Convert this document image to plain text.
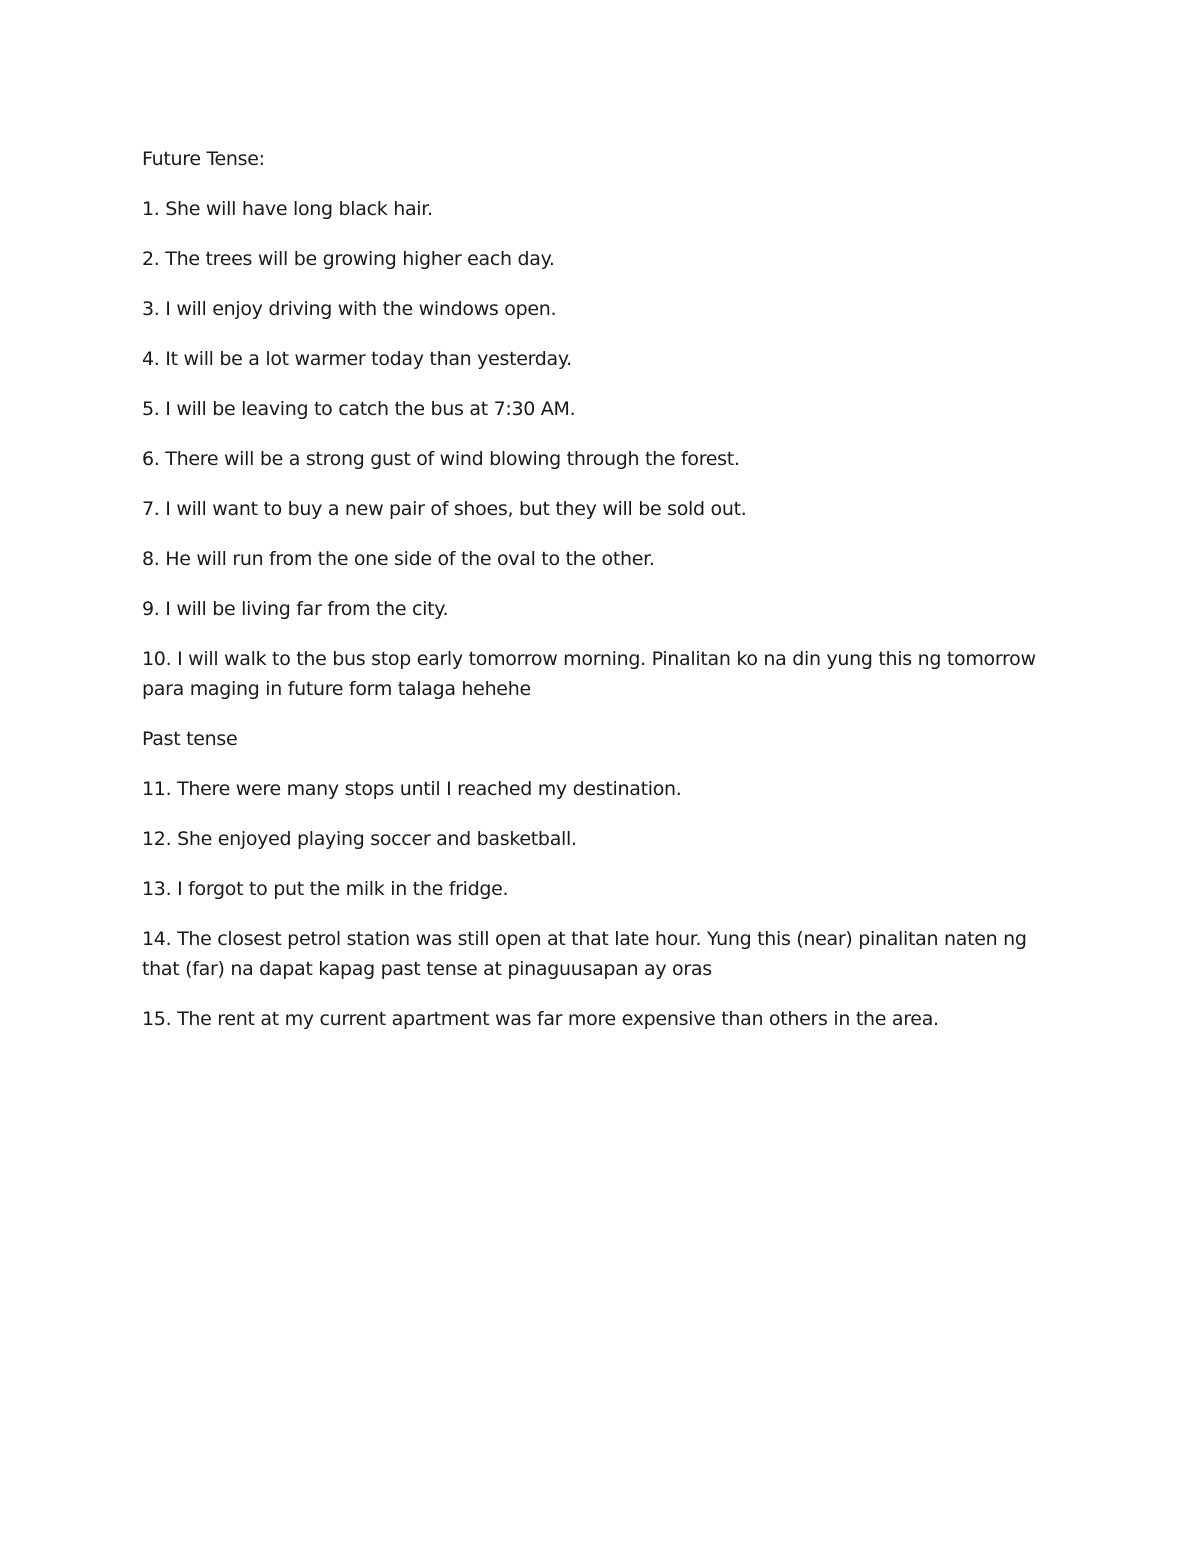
Future Tense:

1. She will have long black hair.

2. The trees will be growing higher each day.

3. I will enjoy driving with the windows open.

4. It will be a lot warmer today than yesterday.

5. I will be leaving to catch the bus at 7:30 AM.

6. There will be a strong gust of wind blowing through the forest.

7. I will want to buy a new pair of shoes, but they will be sold out.

8. He will run from the one side of the oval to the other.

9. I will be living far from the city.

10. I will walk to the bus stop early tomorrow morning. Pinalitan ko na din yung this ng tomorrow para maging in future form talaga hehehe

Past tense

11. There were many stops until I reached my destination.

12. She enjoyed playing soccer and basketball.

13. I forgot to put the milk in the fridge.

14. The closest petrol station was still open at that late hour. Yung this (near) pinalitan naten ng that (far) na dapat kapag past tense at pinaguusapan ay oras

15. The rent at my current apartment was far more expensive than others in the area.
